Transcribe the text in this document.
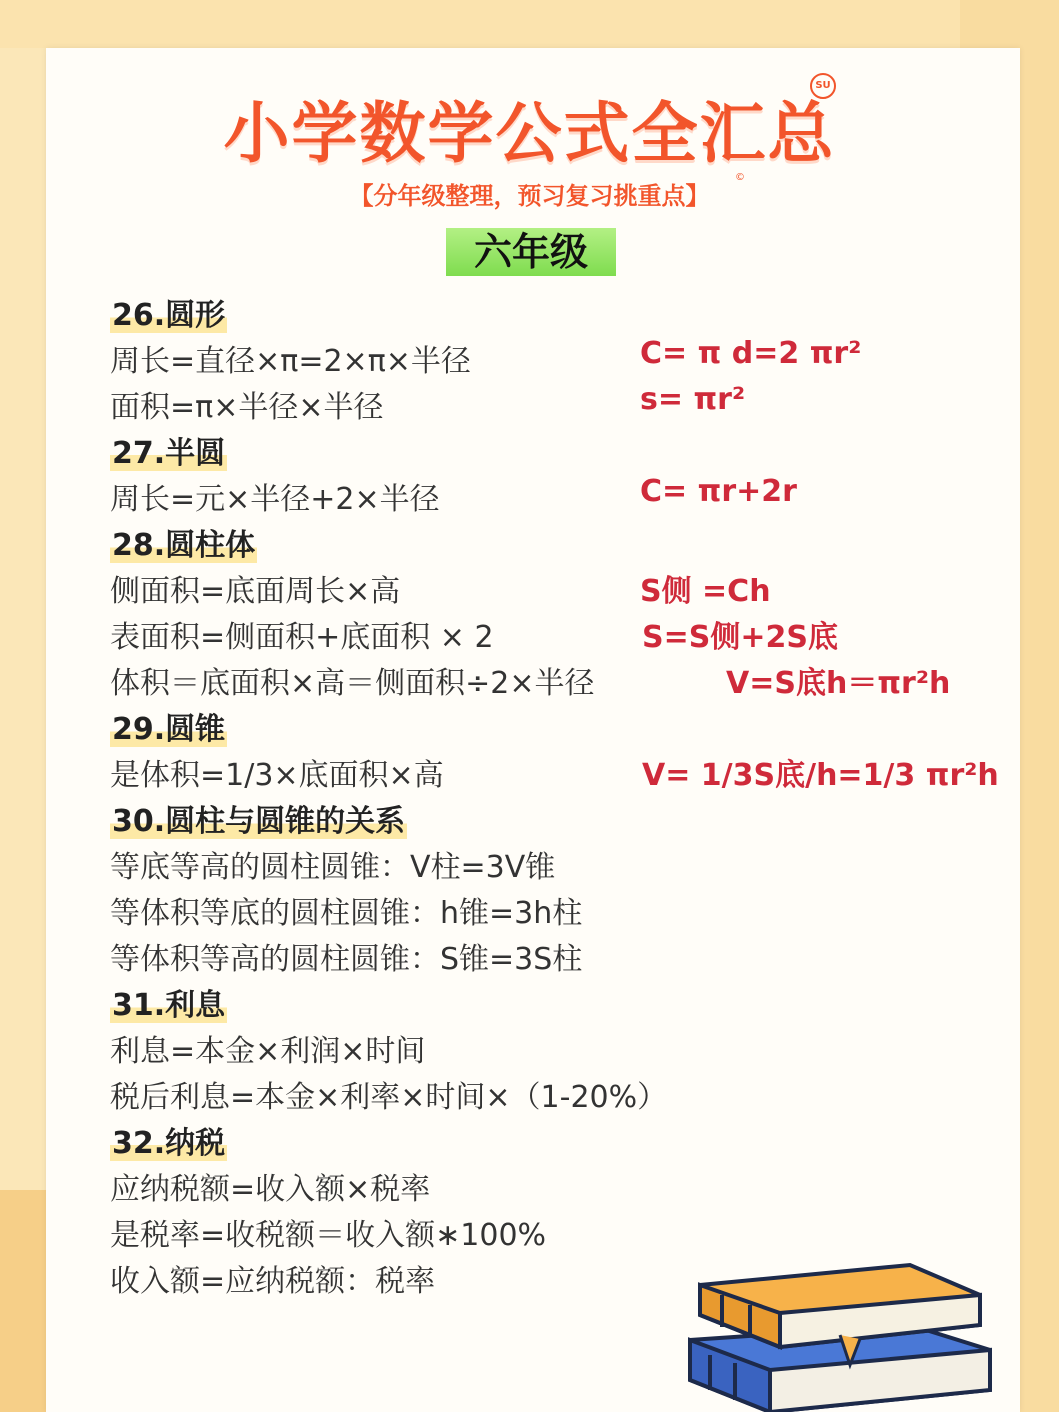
小学数学公式全汇总
SU
【分年级整理，预习复习挑重点】
©
六年级
26.圆形
周长=直径×π=2×π×半径	C= π d=2 πr²
面积=π×半径×半径	s= πr²
27.半圆
周长=元×半径+2×半径	C= πr+2r
28.圆柱体
侧面积=底面周长×高	S侧 =Ch
表面积=侧面积+底面积 × 2	S=S侧+2S底
体积＝底面积×高＝侧面积÷2×半径	V=S底h＝πr²h
29.圆锥
是体积=1/3×底面积×高	V= 1/3S底/h=1/3 πr²h
30.圆柱与圆锥的关系
等底等高的圆柱圆锥：V柱=3V锥
等体积等底的圆柱圆锥：h锥=3h柱
等体积等高的圆柱圆锥：S锥=3S柱
31.利息
利息=本金×利润×时间
税后利息=本金×利率×时间×（1-20%）
32.纳税
应纳税额=收入额×税率
是税率=收税额＝收入额∗100%
收入额=应纳税额：税率
